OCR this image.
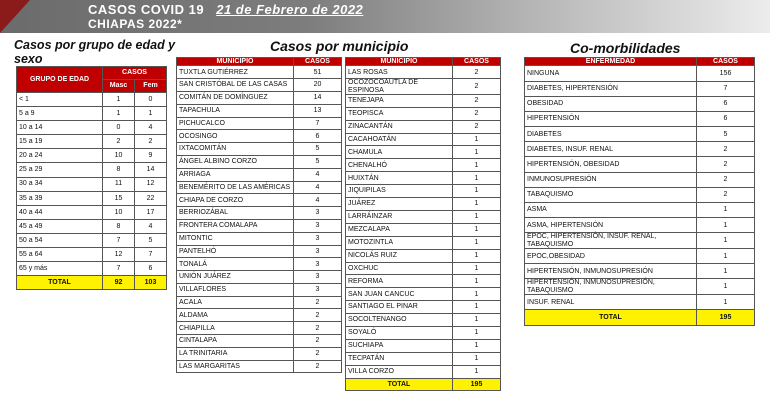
CASOS COVID 19 21 de Febrero de 2022
CHIAPAS 2022*
Casos por grupo de edad y sexo
Casos por municipio	Co-morbilidades
GRUPO DE EDAD	CASOS	
	Masc	Fem
< 1	1	0
5 a 9	1	1
10 a 14	0	4
15 a 19	2	2
20 a 24	10	9
25 a 29	8	14
30 a 34	11	12
35 a 39	15	22
40 a 44	10	17
45 a 49	8	4
50 a 54	7	5
55 a 64	12	7
65 y más	7	6
TOTAL	92	103
MUNICIPIO	CASOS
TUXTLA GUTIÉRREZ	51
SAN CRISTÓBAL DE LAS CASAS	20
COMITÁN DE DOMÍNGUEZ	14
TAPACHULA	13
PICHUCALCO	7
OCOSINGO	6
IXTACOMITÁN	5
ÁNGEL ALBINO CORZO	5
ARRIAGA	4
BENEMÉRITO DE LAS AMÉRICAS	4
CHIAPA DE CORZO	4
BERRIOZÁBAL	3
FRONTERA COMALAPA	3
MITONTIC	3
PANTELHÓ	3
TONALÁ	3
UNIÓN JUÁREZ	3
VILLAFLORES	3
ACALA	2
ALDAMA	2
CHIAPILLA	2
CINTALAPA	2
LA TRINITARIA	2
LAS MARGARITAS	2
MUNICIPIO	CASOS
LAS ROSAS	2
OCOZOCOAUTLA DE ESPINOSA	2
TENEJAPA	2
TEOPISCA	2
ZINACANTÁN	2
CACAHOATÁN	1
CHAMULA	1
CHENALHÓ	1
HUIXTÁN	1
JIQUIPILAS	1
JUÁREZ	1
LARRÁINZAR	1
MEZCALAPA	1
MOTOZINTLA	1
NICOLÁS RUIZ	1
OXCHUC	1
REFORMA	1
SAN JUAN CANCUC	1
SANTIAGO EL PINAR	1
SOCOLTENANGO	1
SOYALÓ	1
SUCHIAPA	1
TECPATÁN	1
VILLA CORZO	1
TOTAL	195
ENFERMEDAD	CASOS
NINGUNA	156
DIABETES, HIPERTENSIÓN	7
OBESIDAD	6
HIPERTENSIÓN	6
DIABETES	5
DIABETES, INSUF. RENAL	2
HIPERTENSIÓN, OBESIDAD	2
INMUNOSUPRESIÓN	2
TABAQUISMO	2
ASMA	1
ASMA, HIPERTENSIÓN	1
EPOC, HIPERTENSIÓN, INSUF. RENAL, TABAQUISMO	1
EPOC,OBESIDAD	1
HIPERTENSIÓN, INMUNOSUPRESIÓN	1
HIPERTENSIÓN, INMUNOSUPRESIÓN, TABAQUISMO	1
INSUF. RENAL	1
TOTAL	195
